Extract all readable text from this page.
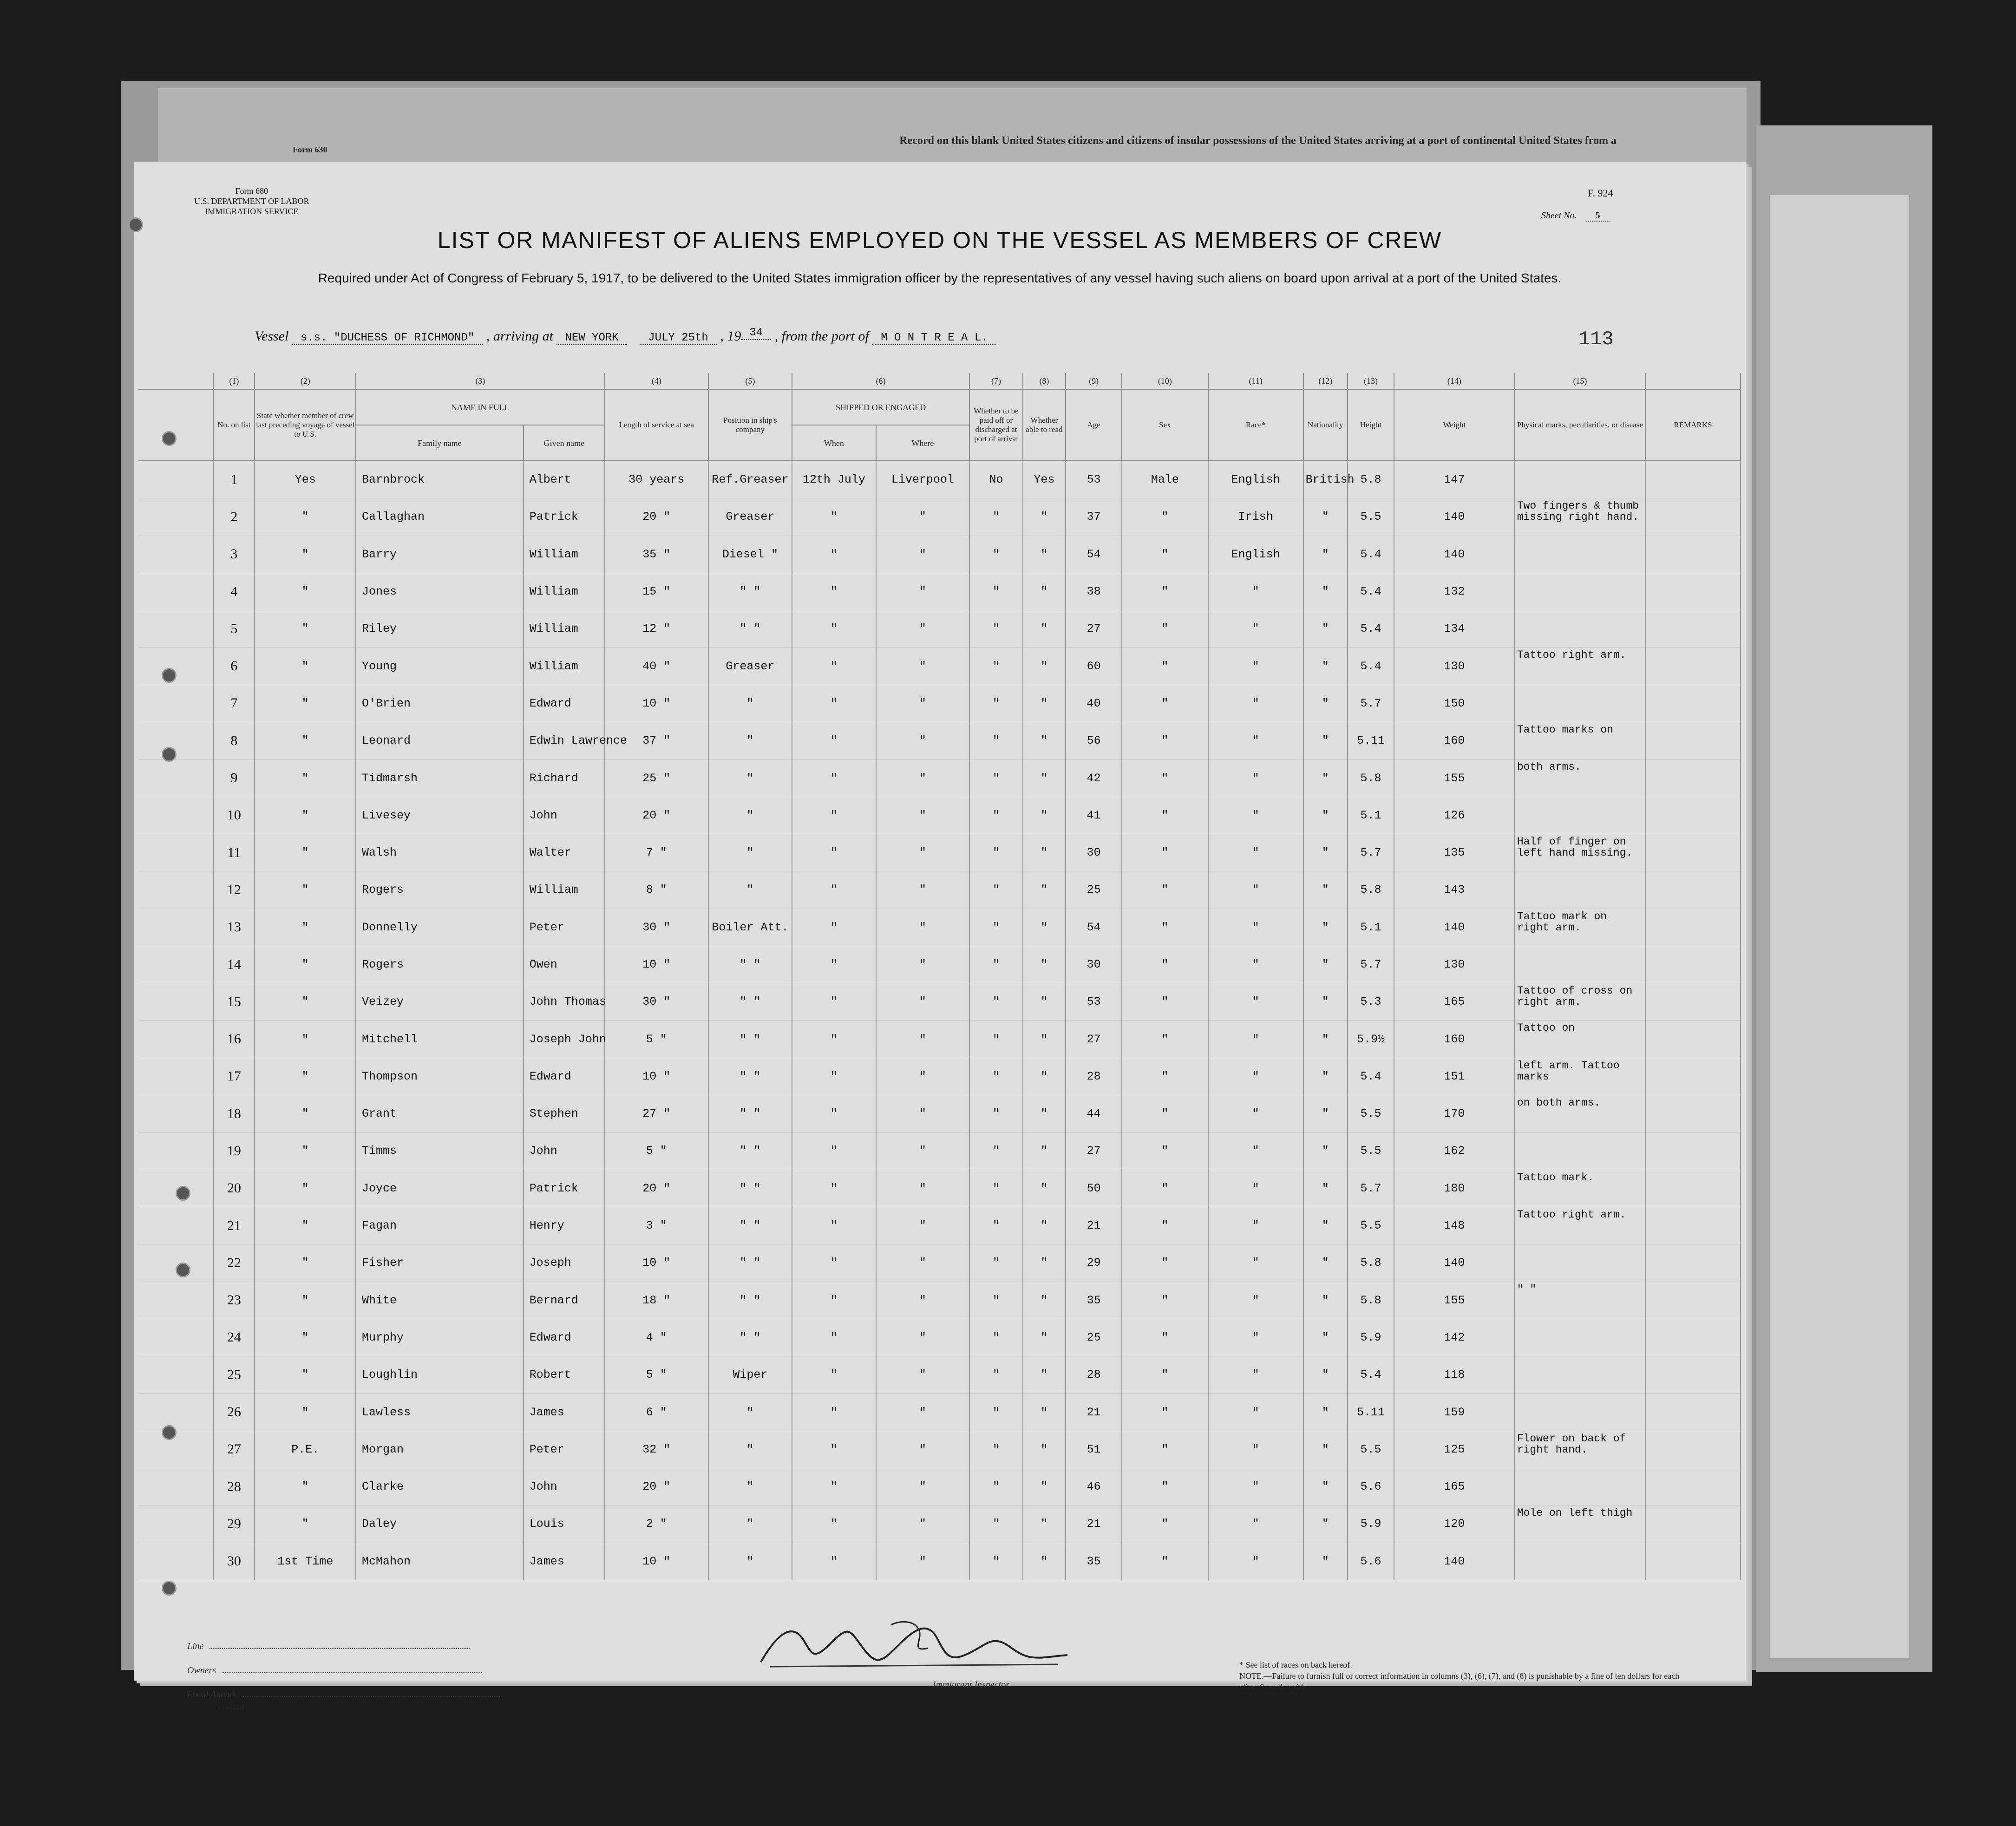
Form 630
Record on this blank United States citizens and citizens of insular possessions of the United States arriving at a port of continental United States from a
Form 680
U.S. DEPARTMENT OF LABOR
IMMIGRATION SERVICE
F. 924
Sheet No. 5
LIST OR MANIFEST OF ALIENS EMPLOYED ON THE VESSEL AS MEMBERS OF CREW
Required under Act of Congress of February 5, 1917, to be delivered to the United States immigration officer by the representatives of any vessel having such aliens on board upon arrival at a port of the United States.
Vessel s.s. "DUCHESS OF RICHMOND" , arriving at NEW YORK	JULY 25th , 19 $^{34}$ , from the port of M O N T R E A L.	113
	(1)	(2)	(3)		(4)	(5)	(6)		(7)	(8)	(9)	(10)	(11)	(12)	(13)	(14)	(15)	
	No. on list	State whether member of crew last preceding voyage of vessel to U.S.	NAME IN FULL		Length of service at sea	Position in ship's company	SHIPPED OR ENGAGED		Whether to be paid off or discharged at port of arrival	Whether able to read	Age	Sex	Race*	Nationality	Height	Weight	Physical marks, peculiarities, or disease	REMARKS
			Family name	Given name			When	Where										
	1	Yes	Barnbrock	Albert	30 years	Ref.Greaser	12th July	Liverpool	No	Yes	53	Male	English	British	5.8	147		
	2	"	Callaghan	Patrick	20 "	Greaser	"	"	"	"	37	"	Irish	"	5.5	140	Two fingers & thumb missing right hand.	
	3	"	Barry	William	35 "	Diesel "	"	"	"	"	54	"	English	"	5.4	140		
	4	"	Jones	William	15 "	" "	"	"	"	"	38	"	"	"	5.4	132		
	5	"	Riley	William	12 "	" "	"	"	"	"	27	"	"	"	5.4	134		
	6	"	Young	William	40 "	Greaser	"	"	"	"	60	"	"	"	5.4	130	Tattoo right arm.	
	7	"	O'Brien	Edward	10 "	"	"	"	"	"	40	"	"	"	5.7	150		
	8	"	Leonard	Edwin Lawrence	37 "	"	"	"	"	"	56	"	"	"	5.11	160	Tattoo marks on	
	9	"	Tidmarsh	Richard	25 "	"	"	"	"	"	42	"	"	"	5.8	155	both arms.	
	10	"	Livesey	John	20 "	"	"	"	"	"	41	"	"	"	5.1	126		
	11	"	Walsh	Walter	7 "	"	"	"	"	"	30	"	"	"	5.7	135	Half of finger on left hand missing.	
	12	"	Rogers	William	8 "	"	"	"	"	"	25	"	"	"	5.8	143		
	13	"	Donnelly	Peter	30 "	Boiler Att.	"	"	"	"	54	"	"	"	5.1	140	Tattoo mark on right arm.	
	14	"	Rogers	Owen	10 "	" "	"	"	"	"	30	"	"	"	5.7	130		
	15	"	Veizey	John Thomas	30 "	" "	"	"	"	"	53	"	"	"	5.3	165	Tattoo of cross on right arm.	
	16	"	Mitchell	Joseph John	5 "	" "	"	"	"	"	27	"	"	"	5.9½	160	Tattoo on	
	17	"	Thompson	Edward	10 "	" "	"	"	"	"	28	"	"	"	5.4	151	left arm. Tattoo marks	
	18	"	Grant	Stephen	27 "	" "	"	"	"	"	44	"	"	"	5.5	170	on both arms.	
	19	"	Timms	John	5 "	" "	"	"	"	"	27	"	"	"	5.5	162		
	20	"	Joyce	Patrick	20 "	" "	"	"	"	"	50	"	"	"	5.7	180	Tattoo mark.	
	21	"	Fagan	Henry	3 "	" "	"	"	"	"	21	"	"	"	5.5	148	Tattoo right arm.	
	22	"	Fisher	Joseph	10 "	" "	"	"	"	"	29	"	"	"	5.8	140		
	23	"	White	Bernard	18 "	" "	"	"	"	"	35	"	"	"	5.8	155	" "	
	24	"	Murphy	Edward	4 "	" "	"	"	"	"	25	"	"	"	5.9	142		
	25	"	Loughlin	Robert	5 "	Wiper	"	"	"	"	28	"	"	"	5.4	118		
	26	"	Lawless	James	6 "	"	"	"	"	"	21	"	"	"	5.11	159		
	27	P.E.	Morgan	Peter	32 "	"	"	"	"	"	51	"	"	"	5.5	125	Flower on back of right hand.	
	28	"	Clarke	John	20 "	"	"	"	"	"	46	"	"	"	5.6	165		
	29	"	Daley	Louis	2 "	"	"	"	"	"	21	"	"	"	5.9	120	Mole on left thigh	
	30	1st Time	McMahon	James	10 "	"	"	"	"	"	35	"	"	"	5.6	140		
Line
Owners
Local Agents
Immigrant Inspector.
* See list of races on back hereof.
NOTE.—Failure to furnish full or correct information in columns (3), (6), (7), and (8) is punishable by a fine of ten dollars for each alien. See other side.
14—1240
